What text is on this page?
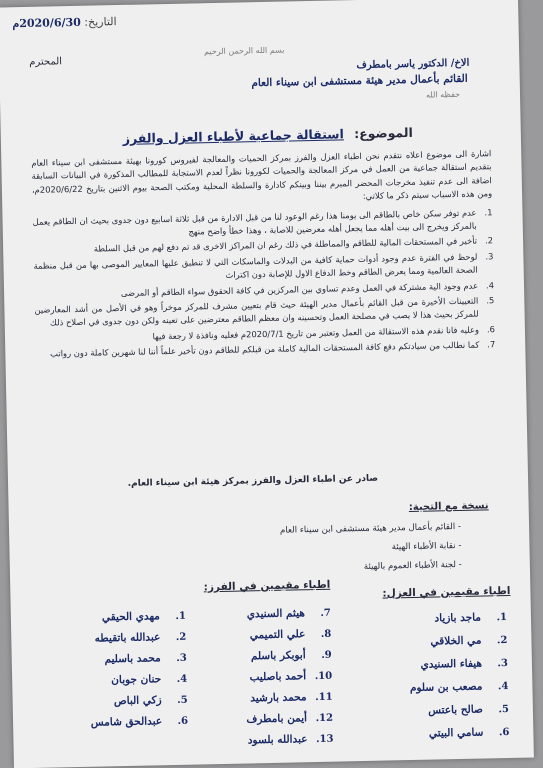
التاريخ: 2020/6/30م
بسم الله الرحمن الرحيم
المحترم	الاخ/ الدكتور ياسر بامطرف
القائم بأعمال مدير هيئة مستشفى ابن سيناء العام
حفظه الله
الموضوع: استقالة جماعية لأطباء العزل والفرز

اشارة الى موضوع اعلاه نتقدم نحن اطباء العزل والفرز بمركز الحميات والمعالجة لفيروس كورونا بهيئة مستشفى ابن سيناء العام بتقديم استقالة جماعية من العمل في مركز المعالجة والحميات لكورونا نظراً لعدم الاستجابة للمطالب المذكورة في البيانات السابقة اضافة الى عدم تنفيذ مخرجات المحضر المبرم بيننا وبينكم كادارة والسلطة المحلية ومكتب الصحة بيوم الاثنين بتاريخ 2020/6/22م، ومن هذه الاسباب سيتم ذكر ما كلاتي:

1.
عدم توفر سكن خاص بالطاقم الى يومنا هذا رغم الوعود لنا من قبل الادارة من قبل ثلاثة اسابيع دون جدوى بحيث ان الطاقم يعمل بالمركز ويخرج الى بيت أهله مما يجعل أهله معرضين للاصابة ، وهذا خطأ واضح منهج
2.
تأخير في المستحقات المالية للطاقم والمماطلة في ذلك رغم ان المراكز الاخرى قد تم دفع لهم من قبل السلطة
3.
لوحظ في الفترة عدم وجود أدوات حماية كافية من البدلات والماسكات التي لا تنطبق عليها المعايير الموصى بها من قبل منظمة الصحة العالمية ومما يعرض الطاقم وخط الدفاع الاول للإصابة دون اكتراث
4.
عدم وجود الية مشتركة في العمل وعدم تساوي بين المركزين في كافة الحقوق سواء الطاقم أو المرضى
5.
التعيينات الأخيرة من قبل القائم بأعمال مدير الهيئة حيث قام بتعيين مشرف للمركز موخراً وهو في الأصل من أشد المعارضين للمركز بحيث هذا لا يصب في مصلحة العمل وتحسينه وان معظم الطاقم معترضين على تعينه ولكن دون جدوى في اصلاح ذلك
6.
وعليه فانا نقدم هذه الاستقالة من العمل وتعتبر من تاريخ 2020/7/1م فعليه ونافذة لا رجعة فيها
7.
كما نطالب من سيادتكم دفع كافة المستحقات المالية كاملة من قبلكم للطاقم دون تأخير علماً أننا لنا شهرين كاملة دون رواتب
صادر عن اطباء العزل والفرز بمركز هيئة ابن سيناء العام.
نسخة مع التحية:
- القائم بأعمال مدير هيئة مستشفى ابن سيناء العام
- نقابة الأطباء الهيئة
- لجنة الأطباء العموم بالهيئة
اطباء مقيمين في الفرز:	اطباء مقيمين في العزل:
7.هيثم السنيدي
8.علي التميمي
9.أبوبكر باسلم
10.أحمد باصليب
11.محمد بارشيد
12.أيمن بامطرف
13.عبدالله بلسود
1.مهدي الحيقي
2.عبدالله باتقيطه
3.محمد باسليم
4.حنان جوبان
5.زكي الباص
6.عبدالحق شامس
1.ماجد بازياد
2.مي الخلاقي
3.هيفاء السنيدي
4.مصعب بن سلوم
5.صالح باعتس
6.سامي البيتي
